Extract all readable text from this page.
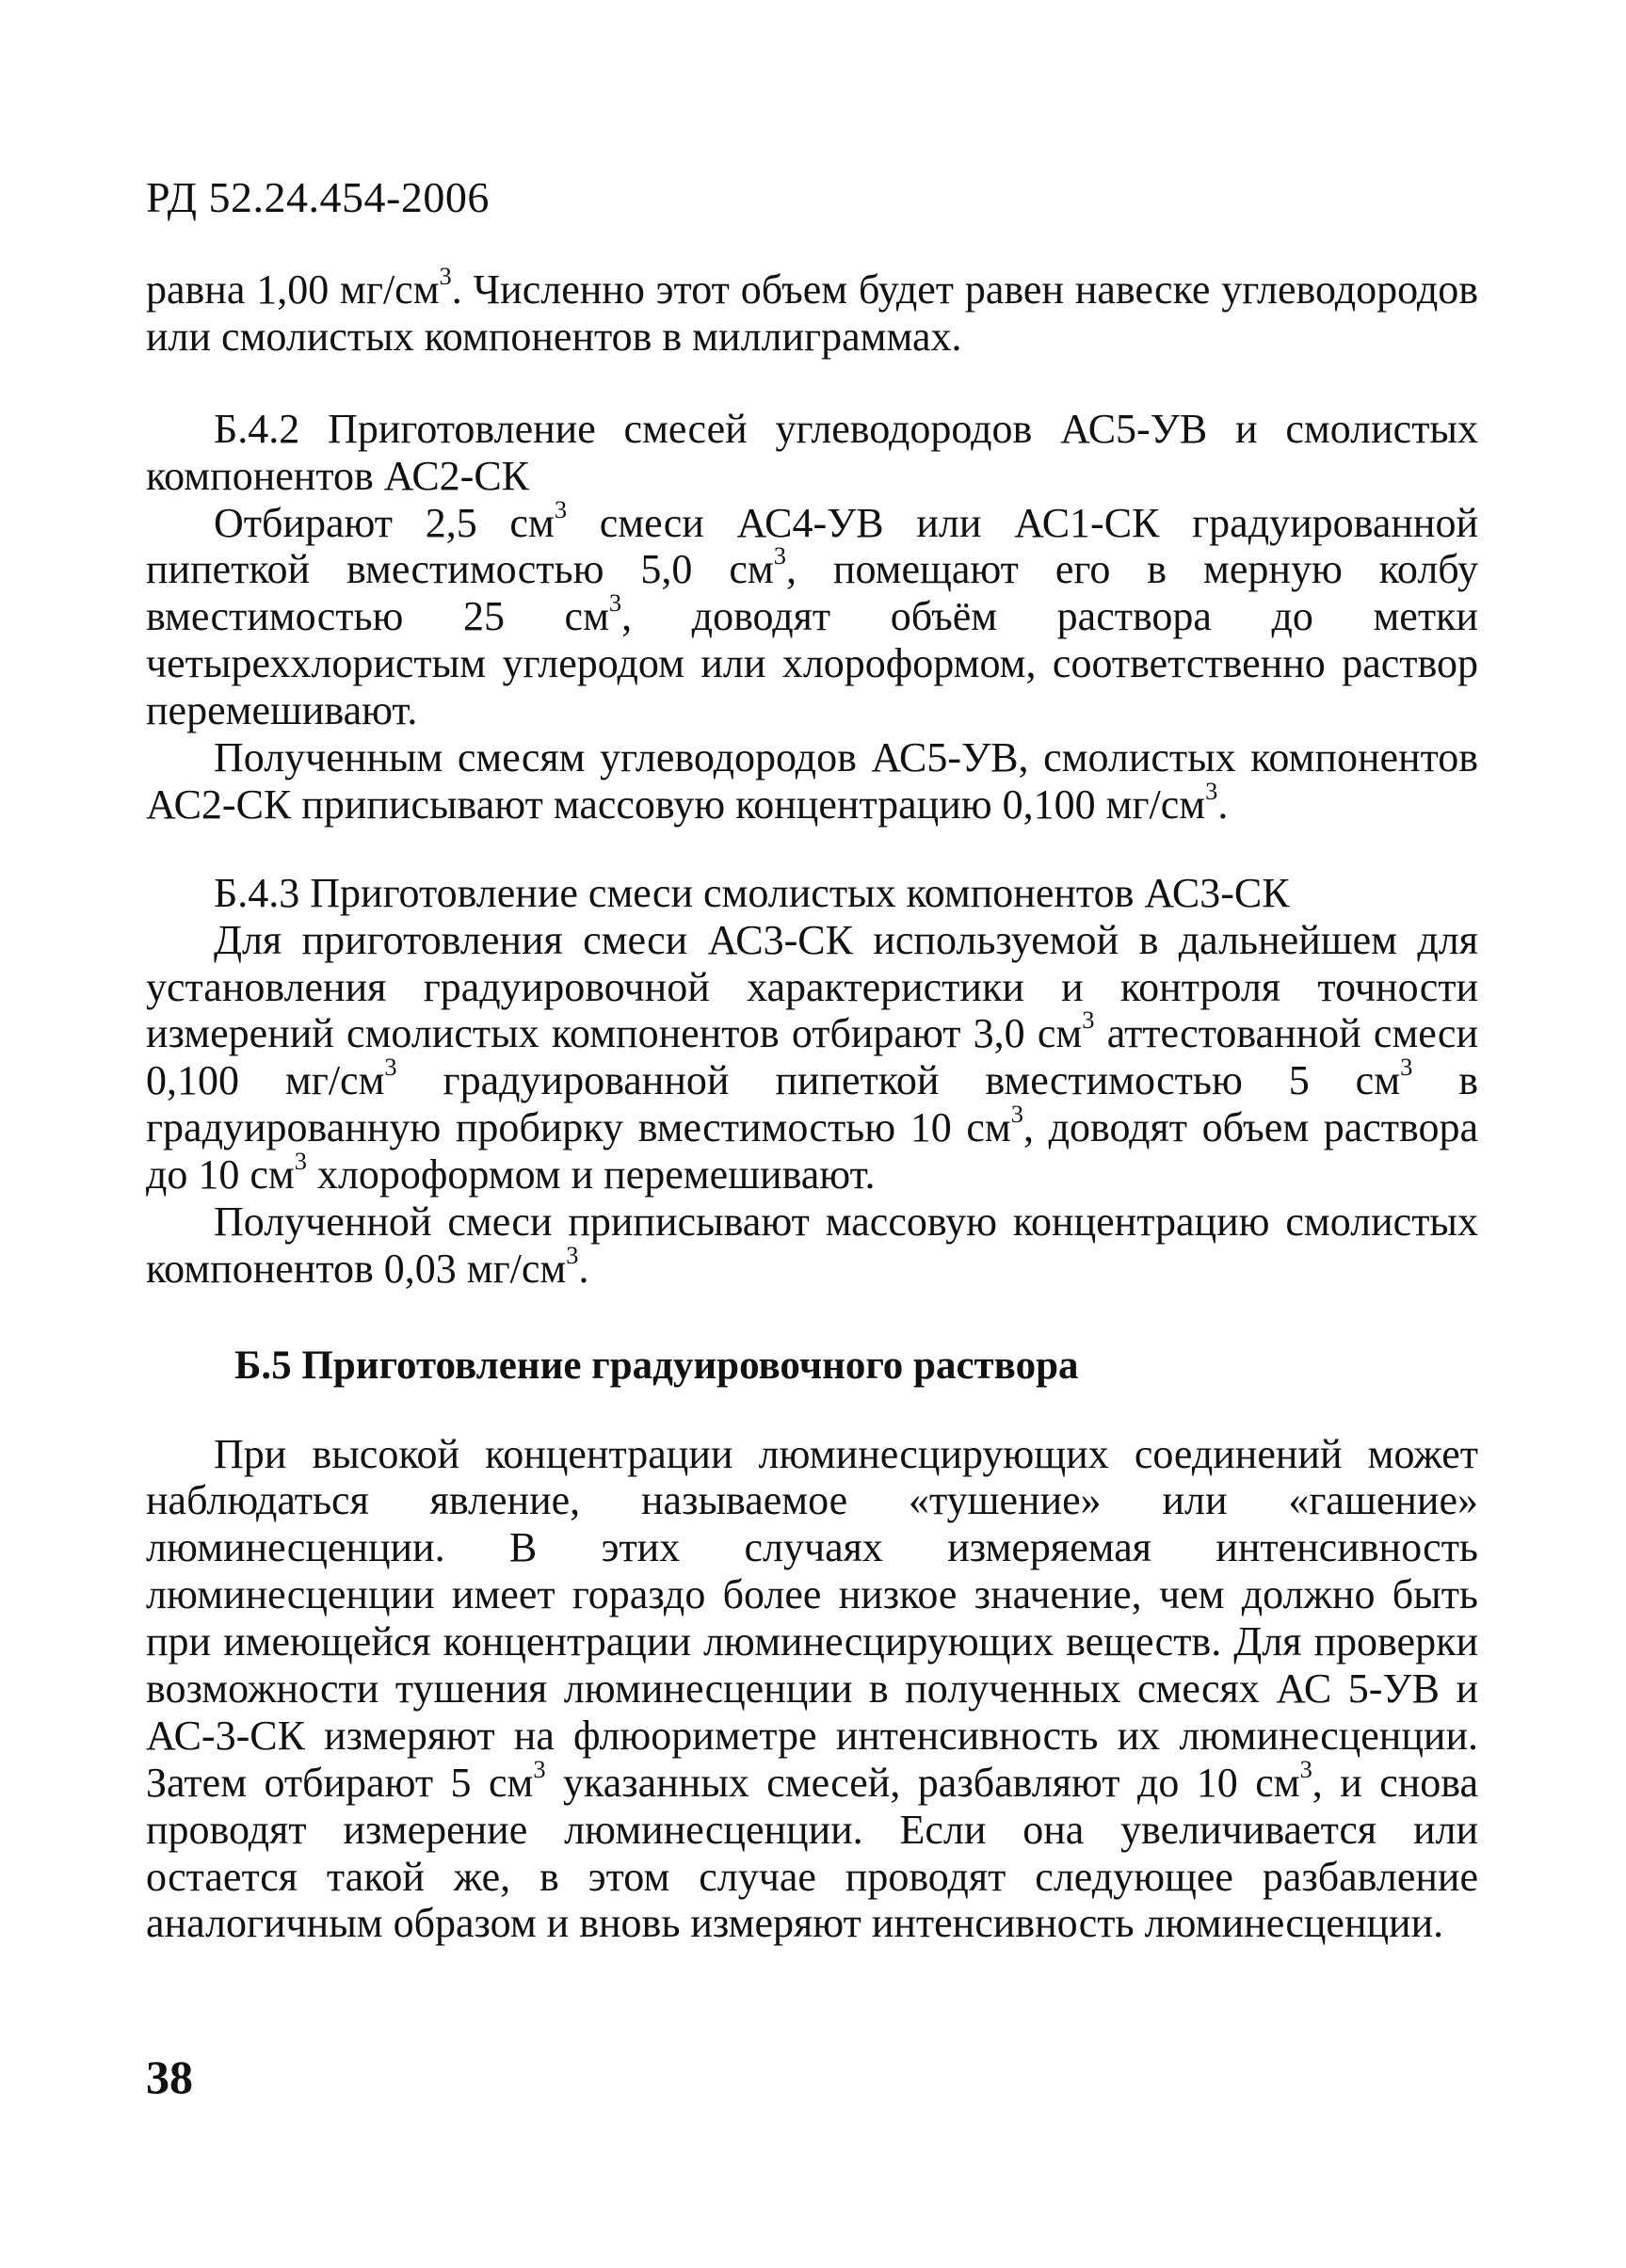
РД 52.24.454-2006

равна 1,00 $мг/см^3$. Численно этот объем будет равен навеске углеводородов или смолистых компонентов в миллиграммах.

Б.4.2 Приготовление смесей углеводородов АС5-УВ и смолистых компонентов АС2-СК

Отбирают 2,5 $см^3$ смеси АС4-УВ или АС1-СК градуированной пипеткой вместимостью 5,0 $см^3$, помещают его в мерную колбу вместимостью 25 $см^3$, доводят объём раствора до метки четыреххлористым углеродом или хлороформом, соответственно раствор перемешивают.

Полученным смесям углеводородов АС5-УВ, смолистых компонентов АС2-СК приписывают массовую концентрацию 0,100 $мг/см^3$.

Б.4.3 Приготовление смеси смолистых компонентов АС3-СК

Для приготовления смеси АС3-СК используемой в дальнейшем для установления градуировочной характеристики и контроля точности измерений смолистых компонентов отбирают 3,0 $см^3$ аттестованной смеси 0,100 $мг/см^3$ градуированной пипеткой вместимостью 5 $см^3$ в градуированную пробирку вместимостью 10 $см^3$, доводят объем раствора до 10 $см^3$ хлороформом и перемешивают.

Полученной смеси приписывают массовую концентрацию смолистых компонентов 0,03 $мг/см^3$.

Б.5 Приготовление градуировочного раствора

При высокой концентрации люминесцирующих соединений может наблюдаться явление, называемое «тушение» или «гашение» люминесценции. В этих случаях измеряемая интенсивность люминесценции имеет гораздо более низкое значение, чем должно быть при имеющейся концентрации люминесцирующих веществ. Для проверки возможности тушения люминесценции в полученных смесях АС 5-УВ и АС-3-СК измеряют на флюориметре интенсивность их люминесценции. Затем отбирают 5 $см^3$ указанных смесей, разбавляют до 10 $см^3$, и снова проводят измерение люминесценции. Если она увеличивается или остается такой же, в этом случае проводят следующее разбавление аналогичным образом и вновь измеряют интенсивность люминесценции.

38
